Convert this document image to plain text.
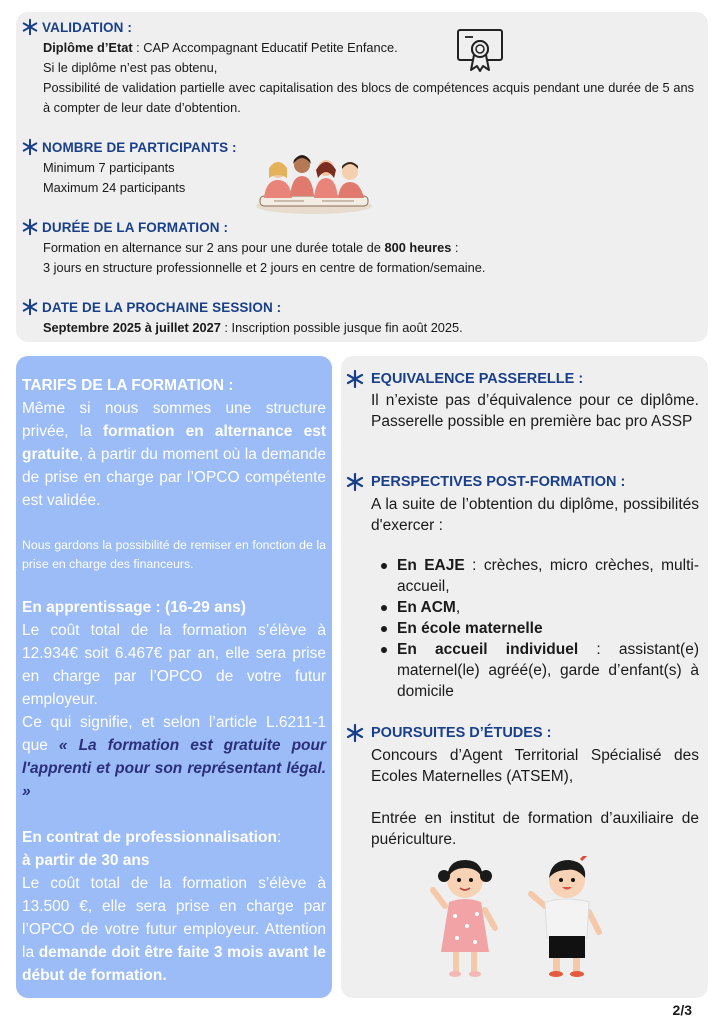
VALIDATION :
Diplôme d’Etat : CAP Accompagnant Educatif Petite Enfance.
Si le diplôme n’est pas obtenu,
Possibilité de validation partielle avec capitalisation des blocs de compétences acquis pendant une durée de 5 ans à compter de leur date d’obtention.
NOMBRE DE PARTICIPANTS :
Minimum 7 participants
Maximum 24 participants
DURÉE DE LA FORMATION :
Formation en alternance sur 2 ans pour une durée totale de 800 heures :
3 jours en structure professionnelle et 2 jours en centre de formation/semaine.
DATE DE LA PROCHAINE SESSION :
Septembre 2025 à juillet 2027 : Inscription possible jusque fin août 2025.
TARIFS DE LA FORMATION :
Même si nous sommes une structure privée, la formation en alternance est gratuite, à partir du moment où la demande de prise en charge par l’OPCO compétente est validée.
Nous gardons la possibilité de remiser en fonction de la prise en charge des financeurs.
En apprentissage : (16-29 ans)
Le coût total de la formation s’élève à 12.934€ soit 6.467€ par an, elle sera prise en charge par l’OPCO de votre futur employeur.
Ce qui signifie, et selon l’article L.6211-1 que « La formation est gratuite pour l'apprenti et pour son représentant légal. »
En contrat de professionnalisation:
à partir de 30 ans
Le coût total de la formation s’élève à 13.500 €, elle sera prise en charge par l’OPCO de votre futur employeur. Attention la demande doit être faite 3 mois avant le début de formation.
EQUIVALENCE PASSERELLE :
Il n’existe pas d’équivalence pour ce diplôme. Passerelle possible en première bac pro ASSP
PERSPECTIVES POST-FORMATION :
A la suite de l’obtention du diplôme, possibilités d'exercer :
En EAJE : crèches, micro crèches, multi-accueil,
En ACM,
En école maternelle
En accueil individuel : assistant(e) maternel(le) agréé(e), garde d’enfant(s) à domicile
POURSUITES D’ÉTUDES :
Concours d’Agent Territorial Spécialisé des Ecoles Maternelles (ATSEM),
Entrée en institut de formation d’auxiliaire de puériculture.
2/3
